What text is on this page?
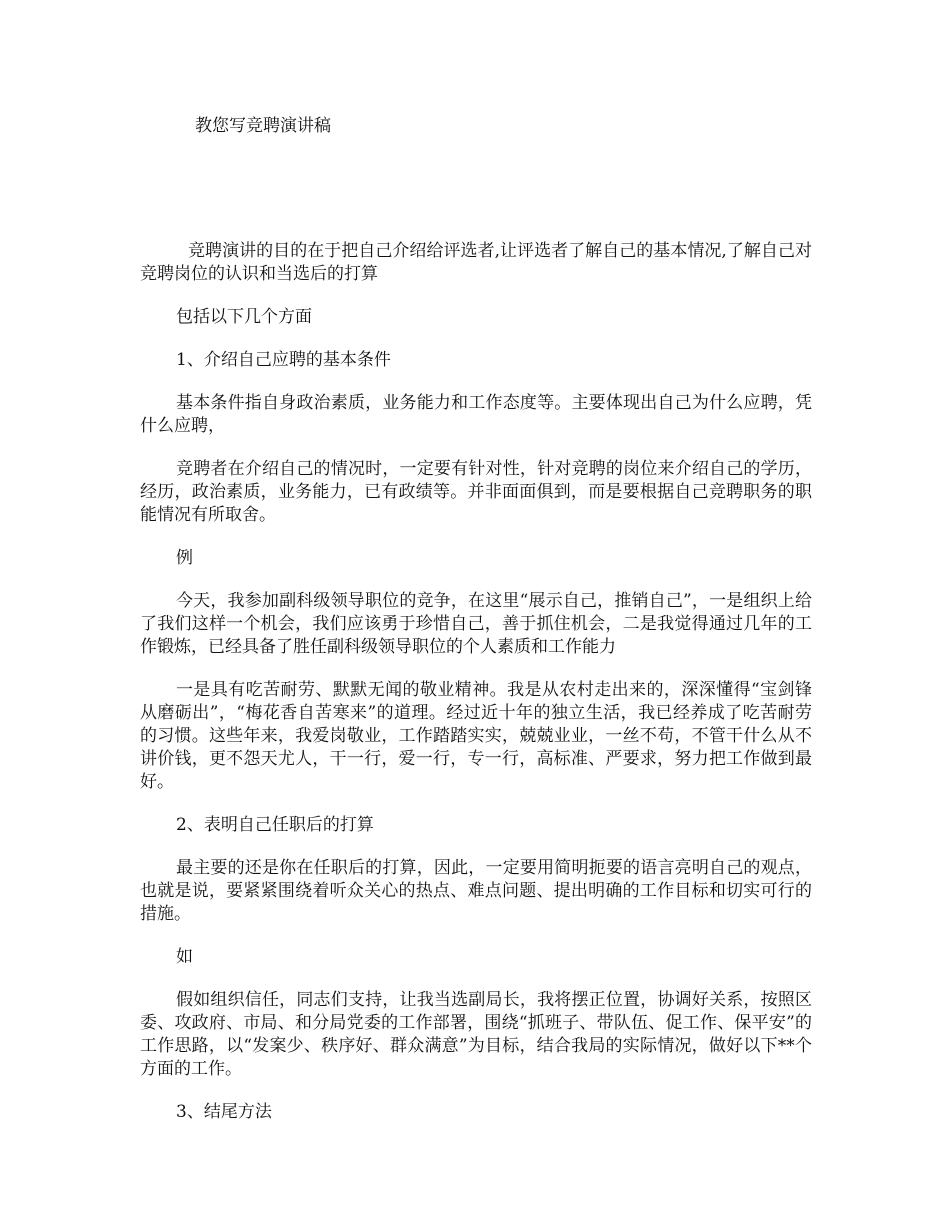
教您写竞聘演讲稿

竞聘演讲的目的在于把自己介绍给评选者,让评选者了解自己的基本情况,了解自己对竞聘岗位的认识和当选后的打算

包括以下几个方面

1、介绍自己应聘的基本条件

基本条件指自身政治素质，业务能力和工作态度等。主要体现出自己为什么应聘，凭什么应聘，

竞聘者在介绍自己的情况时，一定要有针对性，针对竞聘的岗位来介绍自己的学历，经历，政治素质，业务能力，已有政绩等。并非面面俱到，而是要根据自己竞聘职务的职能情况有所取舍。

例

今天，我参加副科级领导职位的竞争，在这里“展示自己，推销自己”，一是组织上给了我们这样一个机会，我们应该勇于珍惜自己，善于抓住机会，二是我觉得通过几年的工作锻炼，已经具备了胜任副科级领导职位的个人素质和工作能力

一是具有吃苦耐劳、默默无闻的敬业精神。我是从农村走出来的，深深懂得“宝剑锋从磨砺出”，“梅花香自苦寒来”的道理。经过近十年的独立生活，我已经养成了吃苦耐劳的习惯。这些年来，我爱岗敬业，工作踏踏实实，兢兢业业，一丝不苟，不管干什么从不讲价钱，更不怨天尤人，干一行，爱一行，专一行，高标准、严要求，努力把工作做到最好。

2、表明自己任职后的打算

最主要的还是你在任职后的打算，因此，一定要用简明扼要的语言亮明自己的观点，也就是说，要紧紧围绕着听众关心的热点、难点问题、提出明确的工作目标和切实可行的措施。

如

假如组织信任，同志们支持，让我当选副局长，我将摆正位置，协调好关系，按照区委、攻政府、市局、和分局党委的工作部署，围绕“抓班子、带队伍、促工作、保平安”的工作思路，以“发案少、秩序好、群众满意”为目标，结合我局的实际情况，做好以下**个方面的工作。

3、结尾方法
